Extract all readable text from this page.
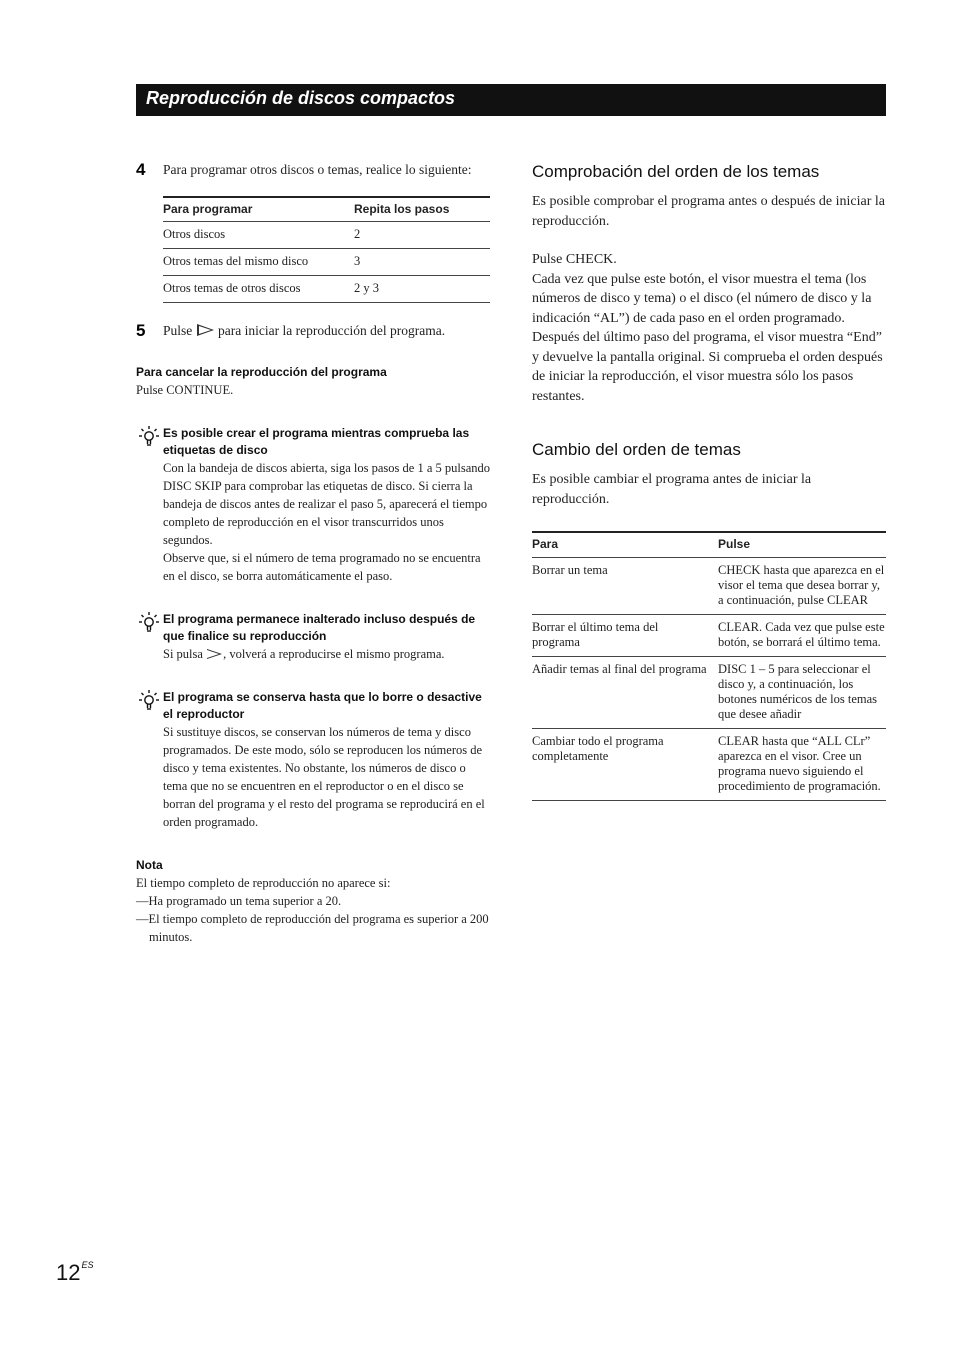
Reproducción de discos compactos
4 Para programar otros discos o temas, realice lo siguiente:
Para programar	Repita los pasos
Otros discos	2
Otros temas del mismo disco	3
Otros temas de otros discos	2 y 3
5 Pulse para iniciar la reproducción del programa.
Para cancelar la reproducción del programa
Pulse CONTINUE.
Es posible crear el programa mientras comprueba las etiquetas de disco
Con la bandeja de discos abierta, siga los pasos de 1 a 5 pulsando DISC SKIP para comprobar las etiquetas de disco. Si cierra la bandeja de discos antes de realizar el paso 5, aparecerá el tiempo completo de reproducción en el visor transcurridos unos segundos.
Observe que, si el número de tema programado no se encuentra en el disco, se borra automáticamente el paso.
El programa permanece inalterado incluso después de que finalice su reproducción
Si pulsa , volverá a reproducirse el mismo programa.
El programa se conserva hasta que lo borre o desactive el reproductor
Si sustituye discos, se conservan los números de tema y disco programados. De este modo, sólo se reproducen los números de disco y tema existentes. No obstante, los números de disco o tema que no se encuentren en el reproductor o en el disco se borran del programa y el resto del programa se reproducirá en el orden programado.
Nota
El tiempo completo de reproducción no aparece si:
—Ha programado un tema superior a 20.
—El tiempo completo de reproducción del programa es superior a 200 minutos.
Comprobación del orden de los temas
Es posible comprobar el programa antes o después de iniciar la reproducción.
Pulse CHECK.
Cada vez que pulse este botón, el visor muestra el tema (los números de disco y tema) o el disco (el número de disco y la indicación “AL”) de cada paso en el orden programado. Después del último paso del programa, el visor muestra “End” y devuelve la pantalla original. Si comprueba el orden después de iniciar la reproducción, el visor muestra sólo los pasos restantes.
Cambio del orden de temas
Es posible cambiar el programa antes de iniciar la reproducción.
Para	Pulse
Borrar un tema	CHECK hasta que aparezca en el visor el tema que desea borrar y, a continuación, pulse CLEAR
Borrar el último tema del programa	CLEAR. Cada vez que pulse este botón, se borrará el último tema.
Añadir temas al final del programa	DISC 1 – 5 para seleccionar el disco y, a continuación, los botones numéricos de los temas que desee añadir
Cambiar todo el programa completamente	CLEAR hasta que “ALL CLr” aparezca en el visor. Cree un programa nuevo siguiendo el procedimiento de programación.
$12^{ES}$
